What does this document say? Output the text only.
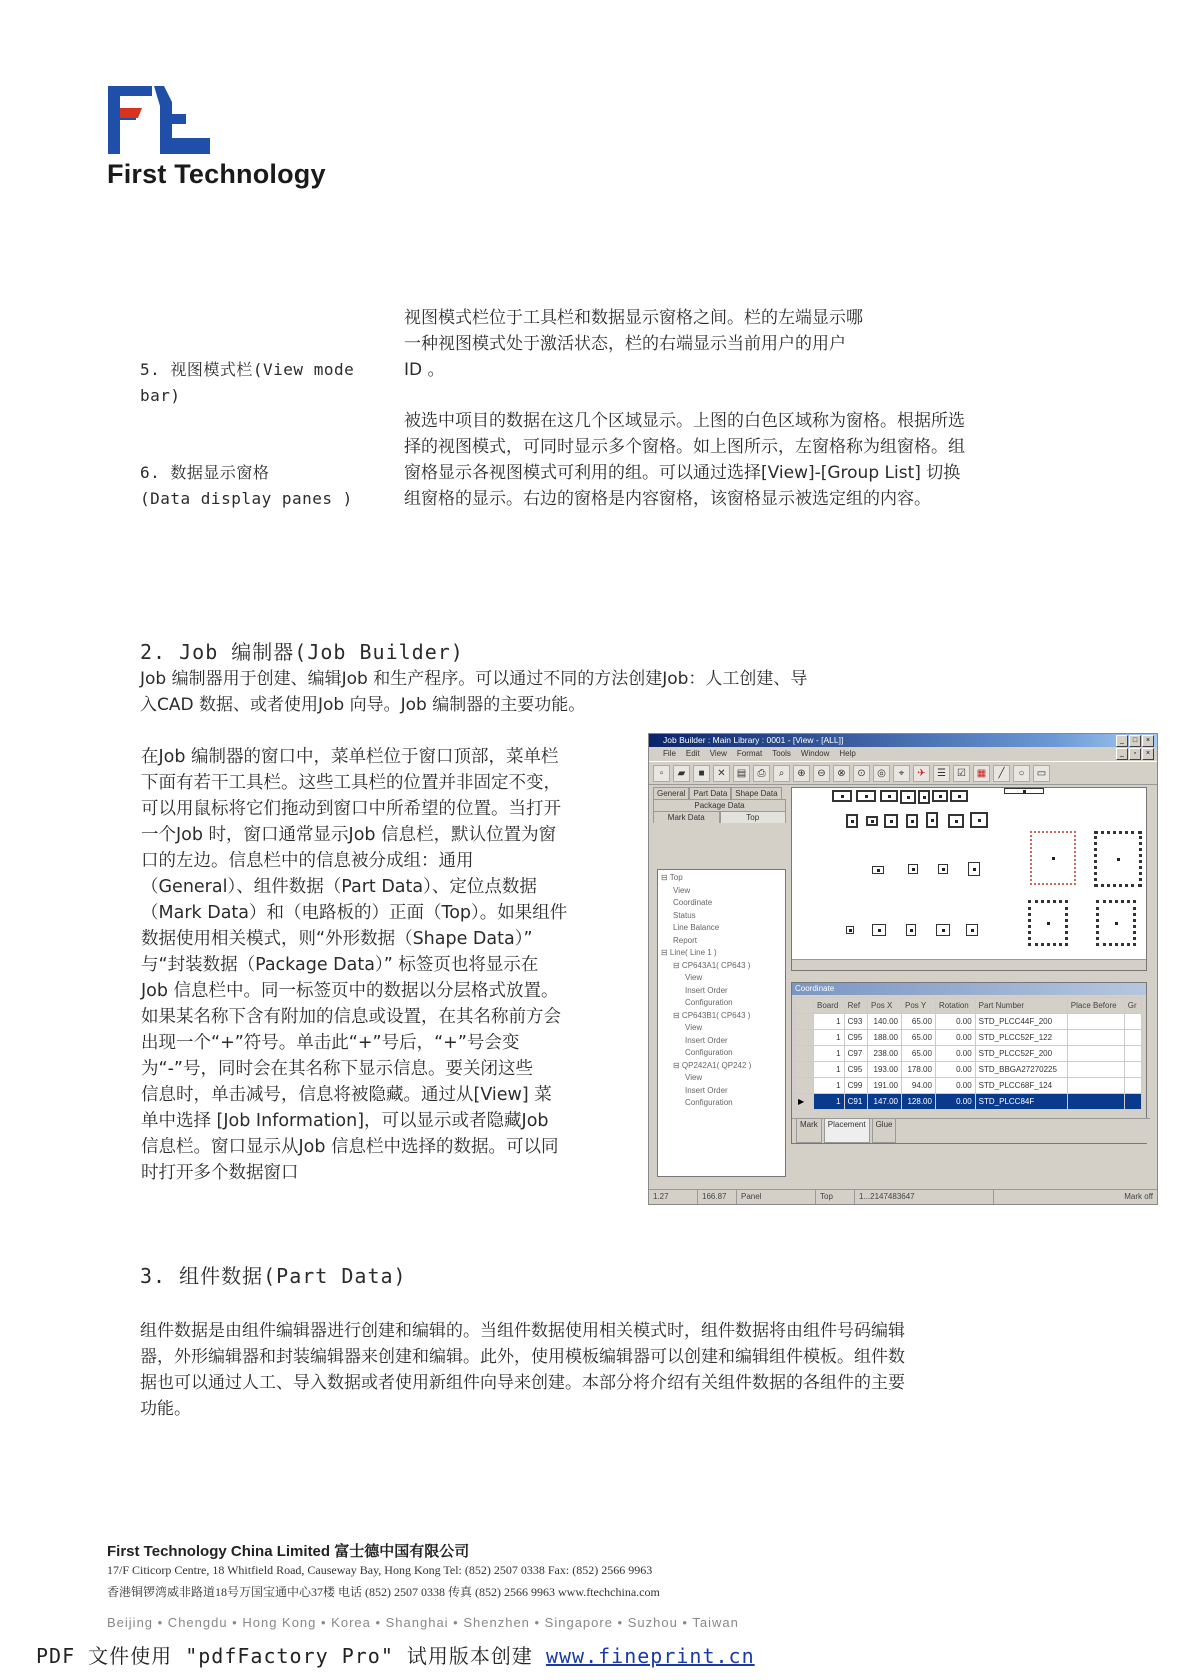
First Technology
5. 视图模式栏(View mode
bar)
视图模式栏位于工具栏和数据显示窗格之间。栏的左端显示哪
一种视图模式处于激活状态，栏的右端显示当前用户的用户
ID 。
6. 数据显示窗格
(Data display panes )
被选中项目的数据在这几个区域显示。上图的白色区域称为窗格。根据所选
择的视图模式，可同时显示多个窗格。如上图所示，左窗格称为组窗格。组
窗格显示各视图模式可利用的组。可以通过选择[View]-[Group List] 切换
组窗格的显示。右边的窗格是内容窗格，该窗格显示被选定组的内容。
2. Job 编制器(Job Builder)
Job 编制器用于创建、编辑Job 和生产程序。可以通过不同的方法创建Job：人工创建、导
入CAD 数据、或者使用Job 向导。Job 编制器的主要功能。
在Job 编制器的窗口中，菜单栏位于窗口顶部，菜单栏
下面有若干工具栏。这些工具栏的位置并非固定不变，
可以用鼠标将它们拖动到窗口中所希望的位置。当打开
一个Job 时，窗口通常显示Job 信息栏，默认位置为窗
口的左边。信息栏中的信息被分成组：通用
（General）、组件数据（Part Data）、定位点数据
（Mark Data）和（电路板的）正面（Top）。如果组件
数据使用相关模式，则“外形数据（Shape Data）”
与“封装数据（Package Data）” 标签页也将显示在
Job 信息栏中。同一标签页中的数据以分层格式放置。
如果某名称下含有附加的信息或设置，在其名称前方会
出现一个“+”符号。单击此“+”号后，“+”号会变
为“-”号，同时会在其名称下显示信息。要关闭这些
信息时，单击减号，信息将被隐藏。通过从[View] 菜
单中选择 [Job Information]，可以显示或者隐藏Job
信息栏。窗口显示从Job 信息栏中选择的数据。可以同
时打开多个数据窗口
Job Builder : Main Library : 0001 - [View - [ALL]]	_	□	×
File Edit View Format Tools Window Help	_	▫	×
▫	▰	■	✕	▤	⎙	⌕	⊕	⊖	⊗	⊙	◎	⌖	✈	☰	☑	▦	╱	○	▭
General	Part Data	Shape Data
Package Data
Mark Data	Top
⊟ Top
View
Coordinate
Status
Line Balance
Report
⊟ Line( Line 1 )
⊟ CP643A1( CP643 )
View
Insert Order
Configuration
⊟ CP643B1( CP643 )
View
Insert Order
Configuration
⊟ QP242A1( QP242 )
View
Insert Order
Configuration
Coordinate
	Board	Ref	Pos X	Pos Y	Rotation	Part Number	Place Before	Gr
	1	C93	140.00	65.00	0.00	STD_PLCC44F_200		
	1	C95	188.00	65.00	0.00	STD_PLCC52F_122		
	1	C97	238.00	65.00	0.00	STD_PLCC52F_200		
	1	C95	193.00	178.00	0.00	STD_BBGA27270225		
	1	C99	191.00	94.00	0.00	STD_PLCC68F_124		
▶	1	C91	147.00	128.00	0.00	STD_PLCC84F		
Mark	Placement	Glue
1.27	166.87	Panel	Top	1...2147483647	Mark off
3. 组件数据(Part Data)
组件数据是由组件编辑器进行创建和编辑的。当组件数据使用相关模式时，组件数据将由组件号码编辑
器，外形编辑器和封装编辑器来创建和编辑。此外，使用模板编辑器可以创建和编辑组件模板。组件数
据也可以通过人工、导入数据或者使用新组件向导来创建。本部分将介绍有关组件数据的各组件的主要
功能。
First Technology China Limited 富士德中国有限公司
17/F Citicorp Centre, 18 Whitfield Road, Causeway Bay, Hong Kong Tel: (852) 2507 0338 Fax: (852) 2566 9963
香港铜锣湾威非路道18号万国宝通中心37楼 电话 (852) 2507 0338 传真 (852) 2566 9963 www.ftechchina.com
Beijing • Chengdu • Hong Kong • Korea • Shanghai • Shenzhen • Singapore • Suzhou • Taiwan
PDF 文件使用 "pdfFactory Pro" 试用版本创建 www.fineprint.cn
